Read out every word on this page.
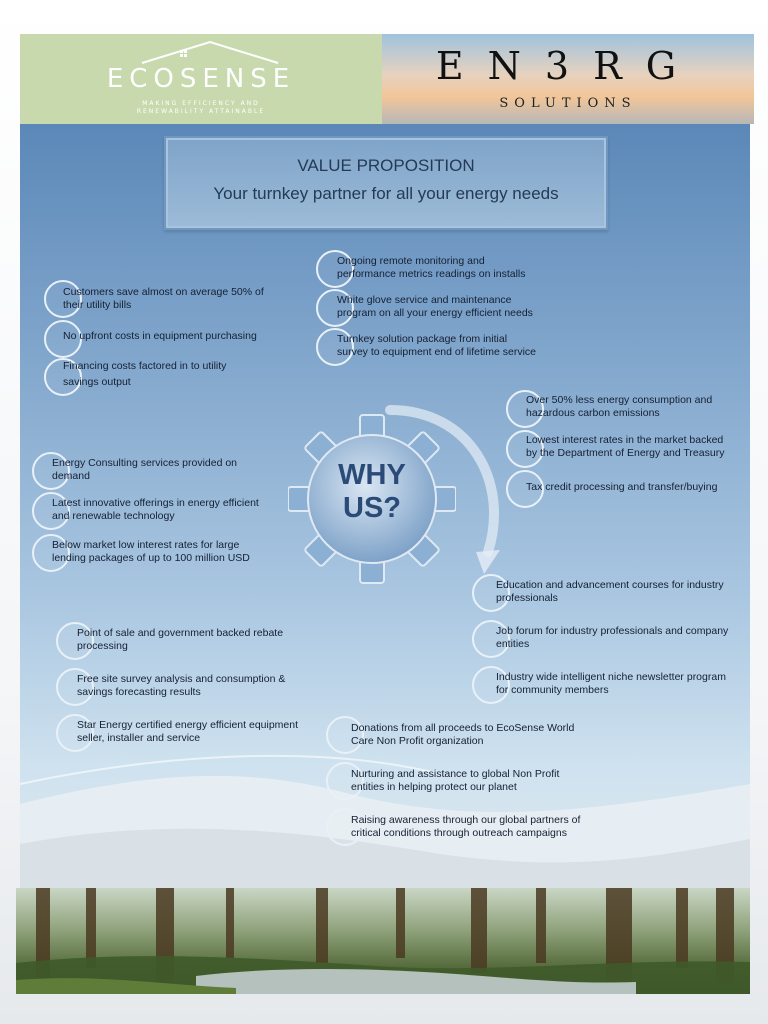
ECOSENSE
MAKING EFFICIENCY AND RENEWABILITY ATTAINABLE
EN3RG
SOLUTIONS
VALUE PROPOSITION
Your turnkey partner for all your energy needs
WHY
US?
Ongoing remote monitoring and
performance metrics readings on installs
White glove service and maintenance
program on all your energy efficient needs
Turnkey solution package from initial
survey to equipment end of lifetime service
Customers save almost on average 50% of
their utility bills
No upfront costs in equipment purchasing
Financing costs factored in to utility
savings output
Over 50% less energy consumption and
hazardous carbon emissions
Lowest interest rates in the market backed
by the Department of Energy and Treasury
Tax credit processing and transfer/buying
Energy Consulting services provided on
demand
Latest innovative offerings in energy efficient
and renewable technology
Below market low interest rates for large
lending packages of up to 100 million USD
Education and advancement courses for industry
professionals
Job forum for industry professionals and company
entities
Industry wide intelligent niche newsletter program
for community members
Point of sale and government backed rebate
processing
Free site survey analysis and consumption &
savings forecasting results
Star Energy certified energy efficient equipment
seller, installer and service
Donations from all proceeds to EcoSense World
Care Non Profit organization
Nurturing and assistance to global Non Profit
entities in helping protect our planet
Raising awareness through our global partners of
critical conditions through outreach campaigns
